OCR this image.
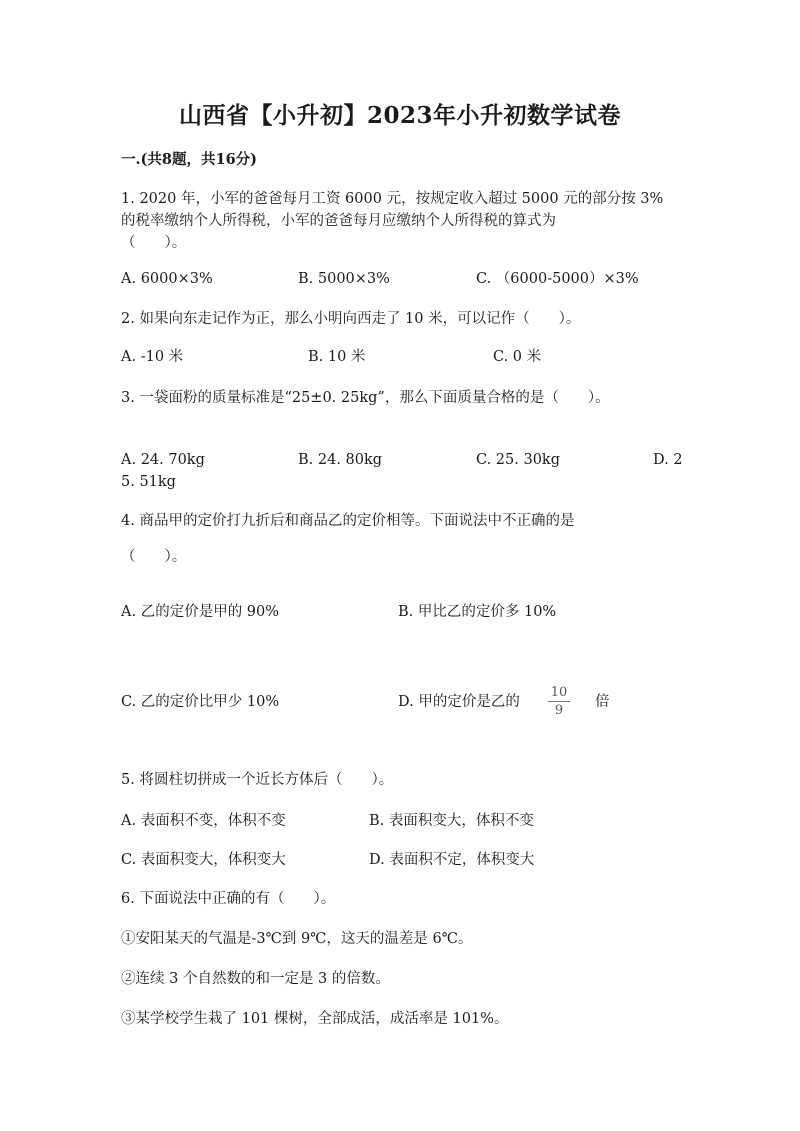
山西省【小升初】2023年小升初数学试卷
一.(共8题，共16分)
1. 2020 年，小军的爸爸每月工资 6000 元，按规定收入超过 5000 元的部分按 3%
的税率缴纳个人所得税，小军的爸爸每月应缴纳个人所得税的算式为
（　　）。
A. 6000×3%	B. 5000×3%	C. （6000-5000）×3%
2. 如果向东走记作为正，那么小明向西走了 10 米，可以记作（　　）。
A. -10 米	B. 10 米	C. 0 米
3. 一袋面粉的质量标准是“25±0. 25kg”，那么下面质量合格的是（　　）。
A. 24. 70kg	B. 24. 80kg	C. 25. 30kg	D. 2
5. 51kg
4. 商品甲的定价打九折后和商品乙的定价相等。下面说法中不正确的是
（　　）。
A. 乙的定价是甲的 90%	B. 甲比乙的定价多 10%
C. 乙的定价比甲少 10%	D. 甲的定价是乙的
10
9
倍
5. 将圆柱切拼成一个近长方体后（　　）。
A. 表面积不变，体积不变	B. 表面积变大，体积不变
C. 表面积变大，体积变大	D. 表面积不定，体积变大
6. 下面说法中正确的有（　　）。
①安阳某天的气温是-3℃到 9℃，这天的温差是 6℃。
②连续 3 个自然数的和一定是 3 的倍数。
③某学校学生栽了 101 棵树，全部成活，成活率是 101%。
